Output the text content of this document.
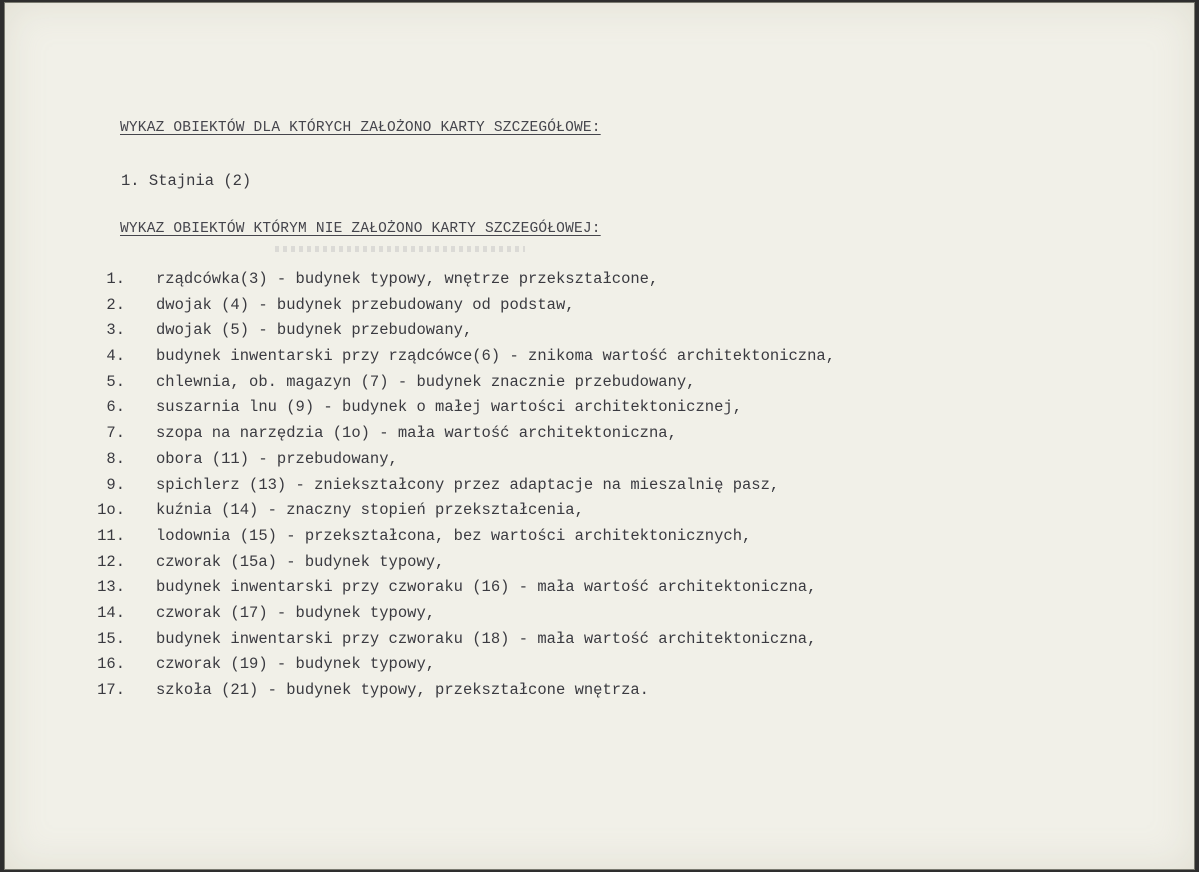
WYKAZ OBIEKTÓW DLA KTÓRYCH ZAŁOŻONO KARTY SZCZEGÓŁOWE:
1. Stajnia (2)
WYKAZ OBIEKTÓW KTÓRYM NIE ZAŁOŻONO KARTY SZCZEGÓŁOWEJ:
1. rządcówka(3) - budynek typowy, wnętrze przekształcone,
2. dwojak (4) - budynek przebudowany od podstaw,
3. dwojak (5) - budynek przebudowany,
4. budynek inwentarski przy rządcówce(6) - znikoma wartość architektoniczna,
5. chlewnia, ob. magazyn (7) - budynek znacznie przebudowany,
6. suszarnia lnu (9) - budynek o małej wartości architektonicznej,
7. szopa na narzędzia (1o) - mała wartość architektoniczna,
8. obora (11) - przebudowany,
9. spichlerz (13) - zniekształcony przez adaptacje na mieszalnię pasz,
1o. kuźnia (14) - znaczny stopień przekształcenia,
11. lodownia (15) - przekształcona, bez wartości architektonicznych,
12. czworak (15a) - budynek typowy,
13. budynek inwentarski przy czworaku (16) - mała wartość architektoniczna,
14. czworak (17) - budynek typowy,
15. budynek inwentarski przy czworaku (18) - mała wartość architektoniczna,
16. czworak (19) - budynek typowy,
17. szkoła (21) - budynek typowy, przekształcone wnętrza.
